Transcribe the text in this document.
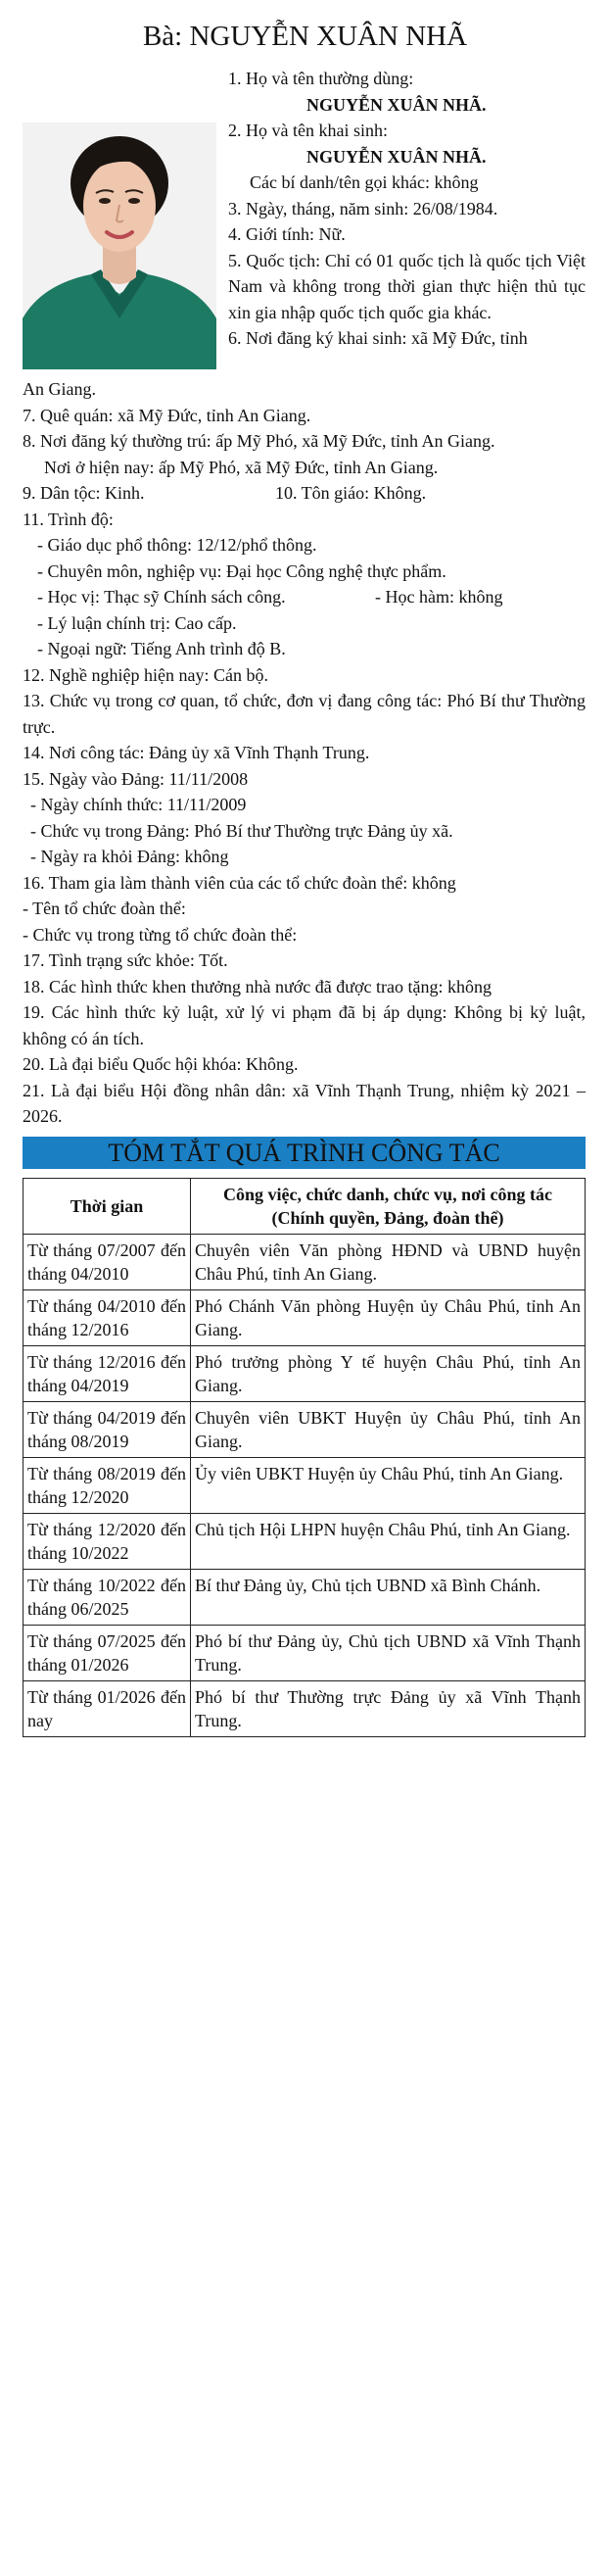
Bà: NGUYỄN XUÂN NHÃ
1. Họ và tên thường dùng:
NGUYỄN XUÂN NHÃ.
2. Họ và tên khai sinh:
NGUYỄN XUÂN NHÃ.
Các bí danh/tên gọi khác: không
3. Ngày, tháng, năm sinh: 26/08/1984.
4. Giới tính: Nữ.
5. Quốc tịch: Chỉ có 01 quốc tịch là quốc tịch Việt Nam và không trong thời gian thực hiện thủ tục xin gia nhập quốc tịch quốc gia khác.
6. Nơi đăng ký khai sinh: xã Mỹ Đức, tỉnh
An Giang.
7. Quê quán: xã Mỹ Đức, tỉnh An Giang.
8. Nơi đăng ký thường trú: ấp Mỹ Phó, xã Mỹ Đức, tỉnh An Giang.
Nơi ở hiện nay: ấp Mỹ Phó, xã Mỹ Đức, tỉnh An Giang.
9. Dân tộc: Kinh.	10. Tôn giáo: Không.
11. Trình độ:
- Giáo dục phổ thông: 12/12/phổ thông.
- Chuyên môn, nghiệp vụ: Đại học Công nghệ thực phẩm.
- Học vị: Thạc sỹ Chính sách công.	- Học hàm: không
- Lý luận chính trị: Cao cấp.
- Ngoại ngữ: Tiếng Anh trình độ B.
12. Nghề nghiệp hiện nay: Cán bộ.
13. Chức vụ trong cơ quan, tổ chức, đơn vị đang công tác: Phó Bí thư Thường trực.
14. Nơi công tác: Đảng ủy xã Vĩnh Thạnh Trung.
15. Ngày vào Đảng: 11/11/2008
- Ngày chính thức: 11/11/2009
- Chức vụ trong Đảng: Phó Bí thư Thường trực Đảng ủy xã.
- Ngày ra khỏi Đảng: không
16. Tham gia làm thành viên của các tổ chức đoàn thể: không
- Tên tổ chức đoàn thể:
- Chức vụ trong từng tổ chức đoàn thể:
17. Tình trạng sức khỏe: Tốt.
18. Các hình thức khen thưởng nhà nước đã được trao tặng: không
19. Các hình thức kỷ luật, xử lý vi phạm đã bị áp dụng: Không bị kỷ luật, không có án tích.
20. Là đại biểu Quốc hội khóa: Không.
21. Là đại biểu Hội đồng nhân dân: xã Vĩnh Thạnh Trung, nhiệm kỳ 2021 – 2026.
TÓM TẮT QUÁ TRÌNH CÔNG TÁC
Thời gian	Công việc, chức danh, chức vụ, nơi công tác (Chính quyền, Đảng, đoàn thể)
Từ tháng 07/2007 đến tháng 04/2010	Chuyên viên Văn phòng HĐND và UBND huyện Châu Phú, tỉnh An Giang.
Từ tháng 04/2010 đến tháng 12/2016	Phó Chánh Văn phòng Huyện ủy Châu Phú, tỉnh An Giang.
Từ tháng 12/2016 đến tháng 04/2019	Phó trưởng phòng Y tế huyện Châu Phú, tỉnh An Giang.
Từ tháng 04/2019 đến tháng 08/2019	Chuyên viên UBKT Huyện ủy Châu Phú, tỉnh An Giang.
Từ tháng 08/2019 đến tháng 12/2020	Ủy viên UBKT Huyện ủy Châu Phú, tỉnh An Giang.
Từ tháng 12/2020 đến tháng 10/2022	Chủ tịch Hội LHPN huyện Châu Phú, tỉnh An Giang.
Từ tháng 10/2022 đến tháng 06/2025	Bí thư Đảng ủy, Chủ tịch UBND xã Bình Chánh.
Từ tháng 07/2025 đến tháng 01/2026	Phó bí thư Đảng ủy, Chủ tịch UBND xã Vĩnh Thạnh Trung.
Từ tháng 01/2026 đến nay	Phó bí thư Thường trực Đảng ủy xã Vĩnh Thạnh Trung.
